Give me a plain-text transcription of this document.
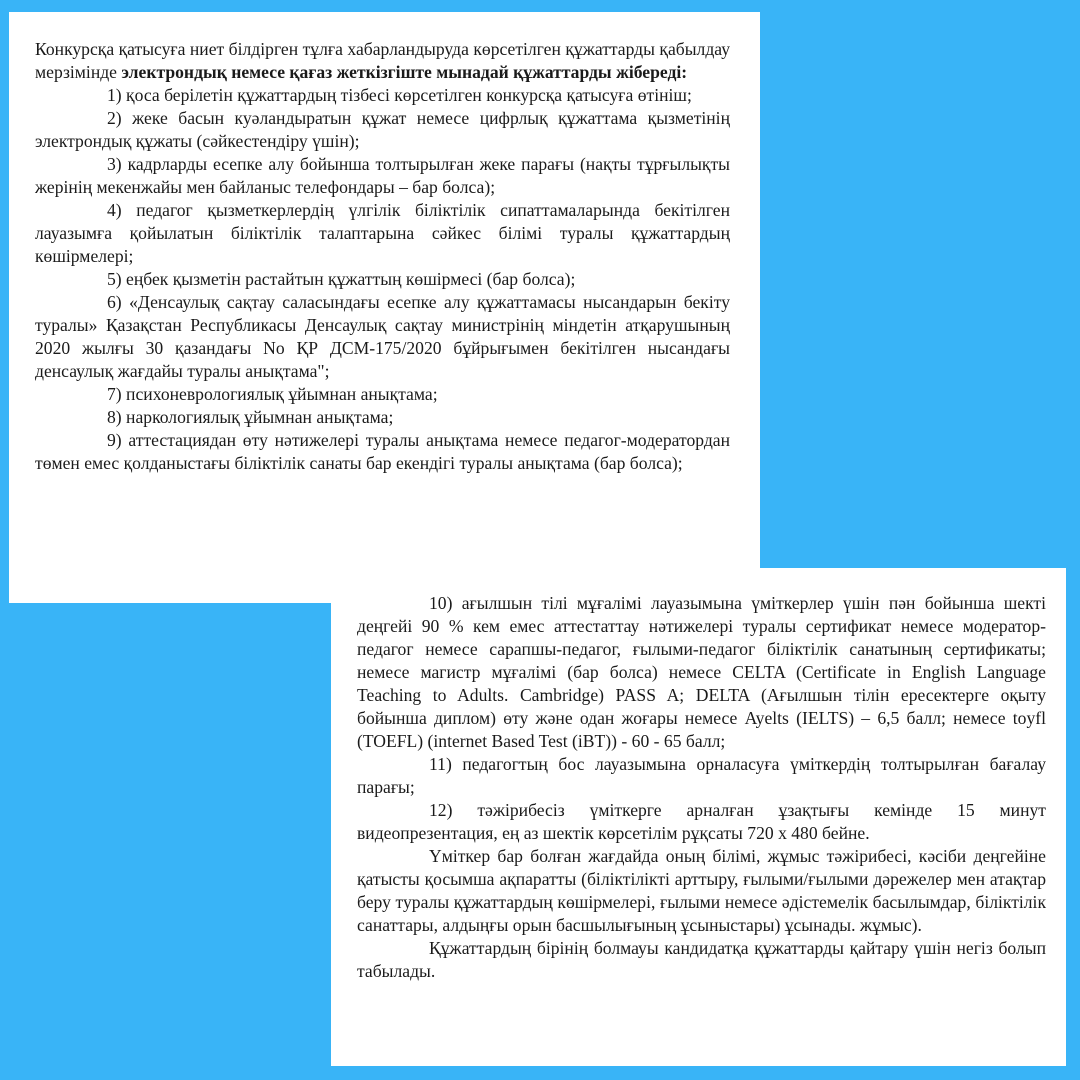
Конкурсқа қатысуға ниет білдірген тұлға хабарландыруда көрсетілген құжаттарды қабылдау мерзімінде электрондық немесе қағаз жеткізгіште мынадай құжаттарды жібереді:

1) қоса берілетін құжаттардың тізбесі көрсетілген конкурсқа қатысуға өтініш;

2) жеке басын куәландыратын құжат немесе цифрлық құжаттама қызметінің электрондық құжаты (сәйкестендіру үшін);

3) кадрларды есепке алу бойынша толтырылған жеке парағы (нақты тұрғылықты жерінің мекенжайы мен байланыс телефондары – бар болса);

4) педагог қызметкерлердің үлгілік біліктілік сипаттамаларында бекітілген лауазымға қойылатын біліктілік талаптарына сәйкес білімі туралы құжаттардың көшірмелері;

5) еңбек қызметін растайтын құжаттың көшірмесі (бар болса);

6) «Денсаулық сақтау саласындағы есепке алу құжаттамасы нысандарын бекіту туралы» Қазақстан Республикасы Денсаулық сақтау министрінің міндетін атқарушының 2020 жылғы 30 қазандағы No ҚР ДСМ-175/2020 бұйрығымен бекітілген нысандағы денсаулық жағдайы туралы анықтама";

7) психоневрологиялық ұйымнан анықтама;

8) наркологиялық ұйымнан анықтама;

9) аттестациядан өту нәтижелері туралы анықтама немесе педагог-модератордан төмен емес қолданыстағы біліктілік санаты бар екендігі туралы анықтама (бар болса);

10) ағылшын тілі мұғалімі лауазымына үміткерлер үшін пән бойынша шекті деңгейі 90 % кем емес аттестаттау нәтижелері туралы сертификат немесе модератор-педагог немесе сарапшы-педагог, ғылыми-педагог біліктілік санатының сертификаты; немесе магистр мұғалімі (бар болса) немесе CELTA (Certificate in English Language Teaching to Adults. Cambridge) PASS A; DELTA (Ағылшын тілін ересектерге оқыту бойынша диплом) өту және одан жоғары немесе Ayelts (IELTS) – 6,5 балл; немесе toyfl (TOEFL) (internet Based Test (iBT)) - 60 - 65 балл;

11) педагогтың бос лауазымына орналасуға үміткердің толтырылған бағалау парағы;

12) тәжірибесіз үміткерге арналған ұзақтығы кемінде 15 минут видеопрезентация, ең аз шектік көрсетілім рұқсаты 720 x 480 бейне.

Үміткер бар болған жағдайда оның білімі, жұмыс тәжірибесі, кәсіби деңгейіне қатысты қосымша ақпаратты (біліктілікті арттыру, ғылыми/ғылыми дәрежелер мен атақтар беру туралы құжаттардың көшірмелері, ғылыми немесе әдістемелік басылымдар, біліктілік санаттары, алдыңғы орын басшылығының ұсыныстары) ұсынады. жұмыс).

Құжаттардың бірінің болмауы кандидатқа құжаттарды қайтару үшін негіз болып табылады.
